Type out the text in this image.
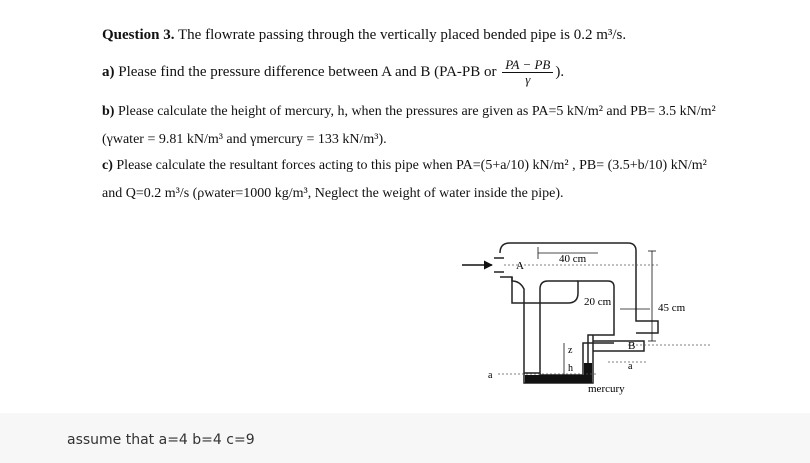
Question 3. The flowrate passing through the vertically placed bended pipe is 0.2 m³/s.
a) Please find the pressure difference between A and B (PA-PB or $\frac{PA - PB}{\gamma}$ ).
b) Please calculate the height of mercury, h, when the pressures are given as PA=5 kN/m² and PB= 3.5 kN/m²
(γwater = 9.81 kN/m³ and γmercury = 133 kN/m³).
c) Please calculate the resultant forces acting to this pipe when PA=(5+a/10) kN/m² , PB= (3.5+b/10) kN/m²
and Q=0.2 m³/s (ρwater=1000 kg/m³, Neglect the weight of water inside the pipe).
40 cm
20 cm	45 cm
z
h
A
B
a
a
mercury
assume that a=4 b=4 c=9
